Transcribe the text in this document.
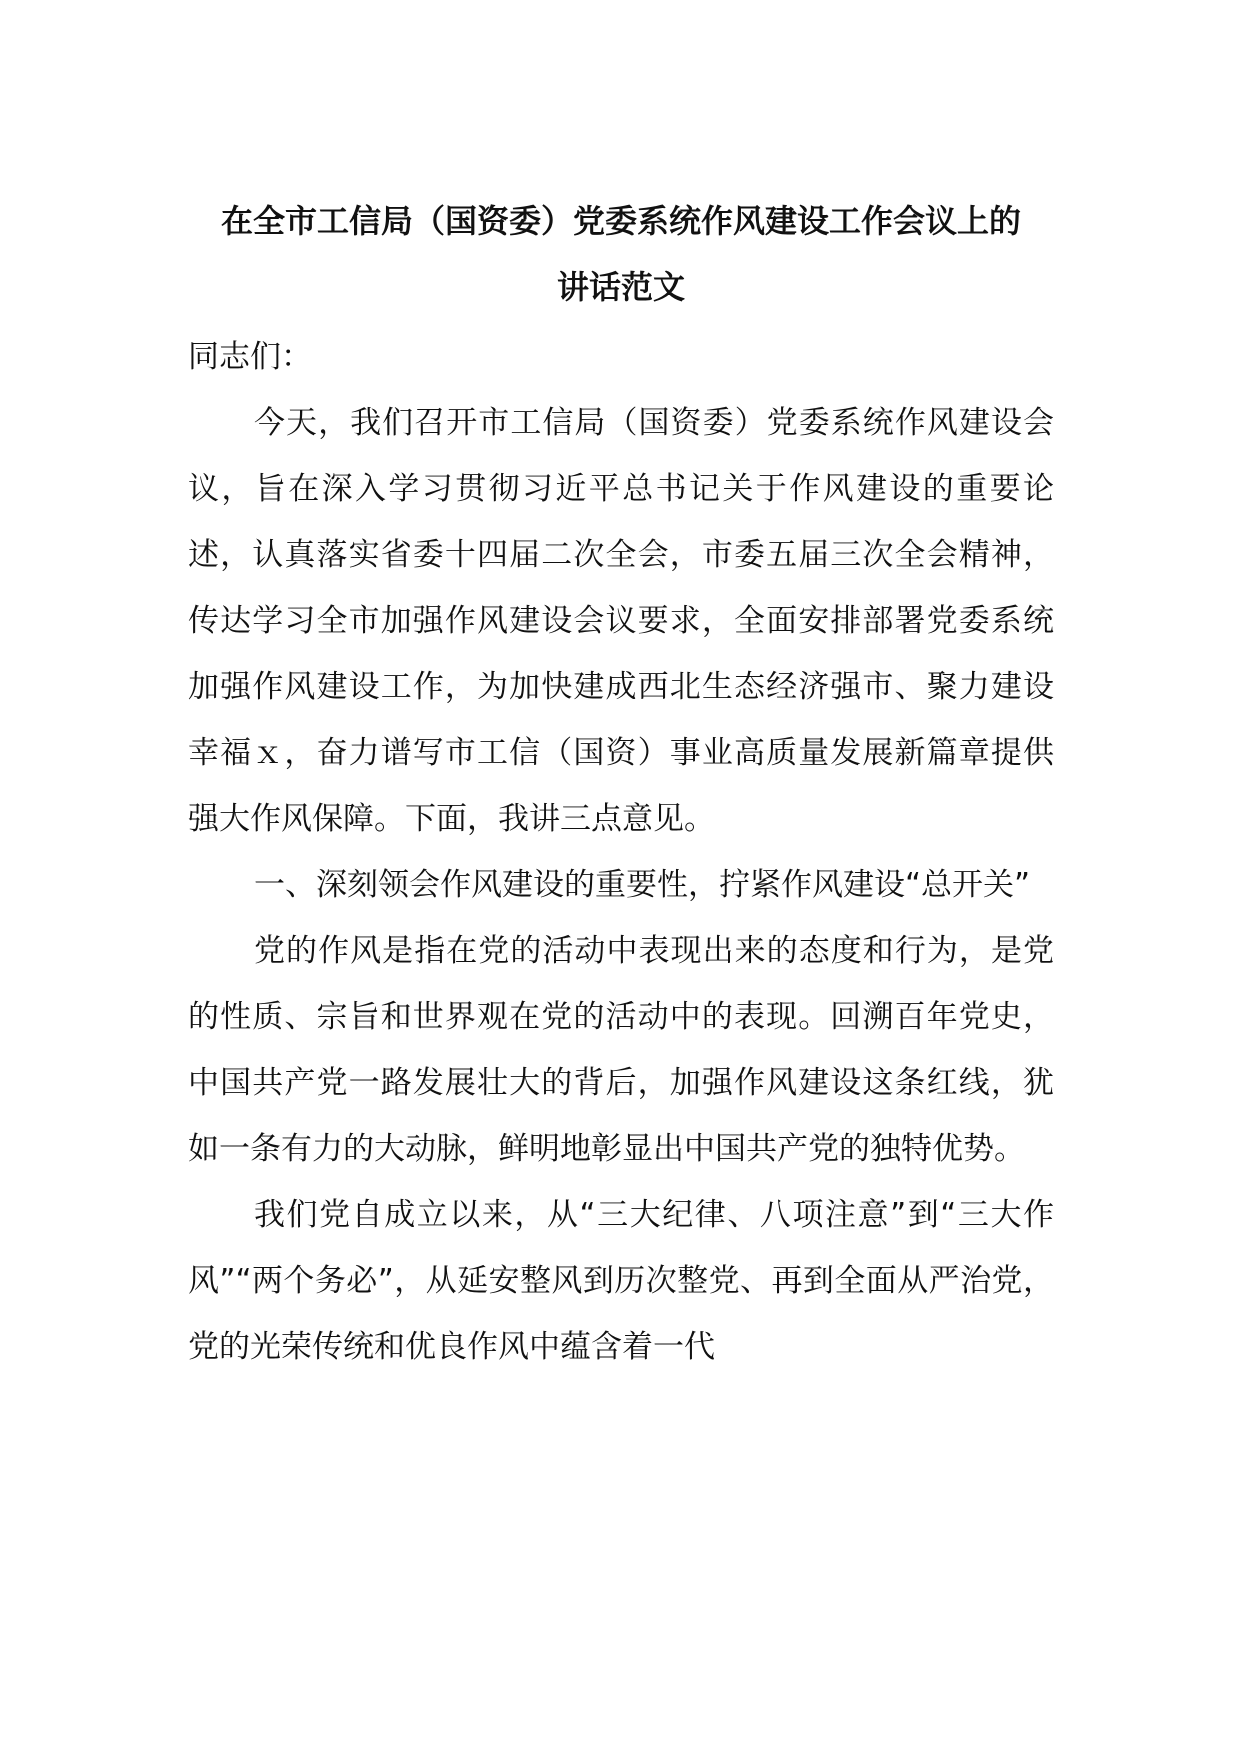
在全市工信局（国资委）党委系统作风建设工作会议上的
讲话范文

同志们：

今天，我们召开市工信局（国资委）党委系统作风建设会议，旨在深入学习贯彻习近平总书记关于作风建设的重要论述，认真落实省委十四届二次全会，市委五届三次全会精神，传达学习全市加强作风建设会议要求，全面安排部署党委系统加强作风建设工作，为加快建成西北生态经济强市、聚力建设幸福ｘ，奋力谱写市工信（国资）事业高质量发展新篇章提供强大作风保障。下面，我讲三点意见。

一、深刻领会作风建设的重要性，拧紧作风建设“总开关”

党的作风是指在党的活动中表现出来的态度和行为，是党的性质、宗旨和世界观在党的活动中的表现。回溯百年党史，中国共产党一路发展壮大的背后，加强作风建设这条红线，犹如一条有力的大动脉，鲜明地彰显出中国共产党的独特优势。

我们党自成立以来，从“三大纪律、八项注意”到“三大作风”“两个务必”，从延安整风到历次整党、再到全面从严治党，党的光荣传统和优良作风中蕴含着一代
